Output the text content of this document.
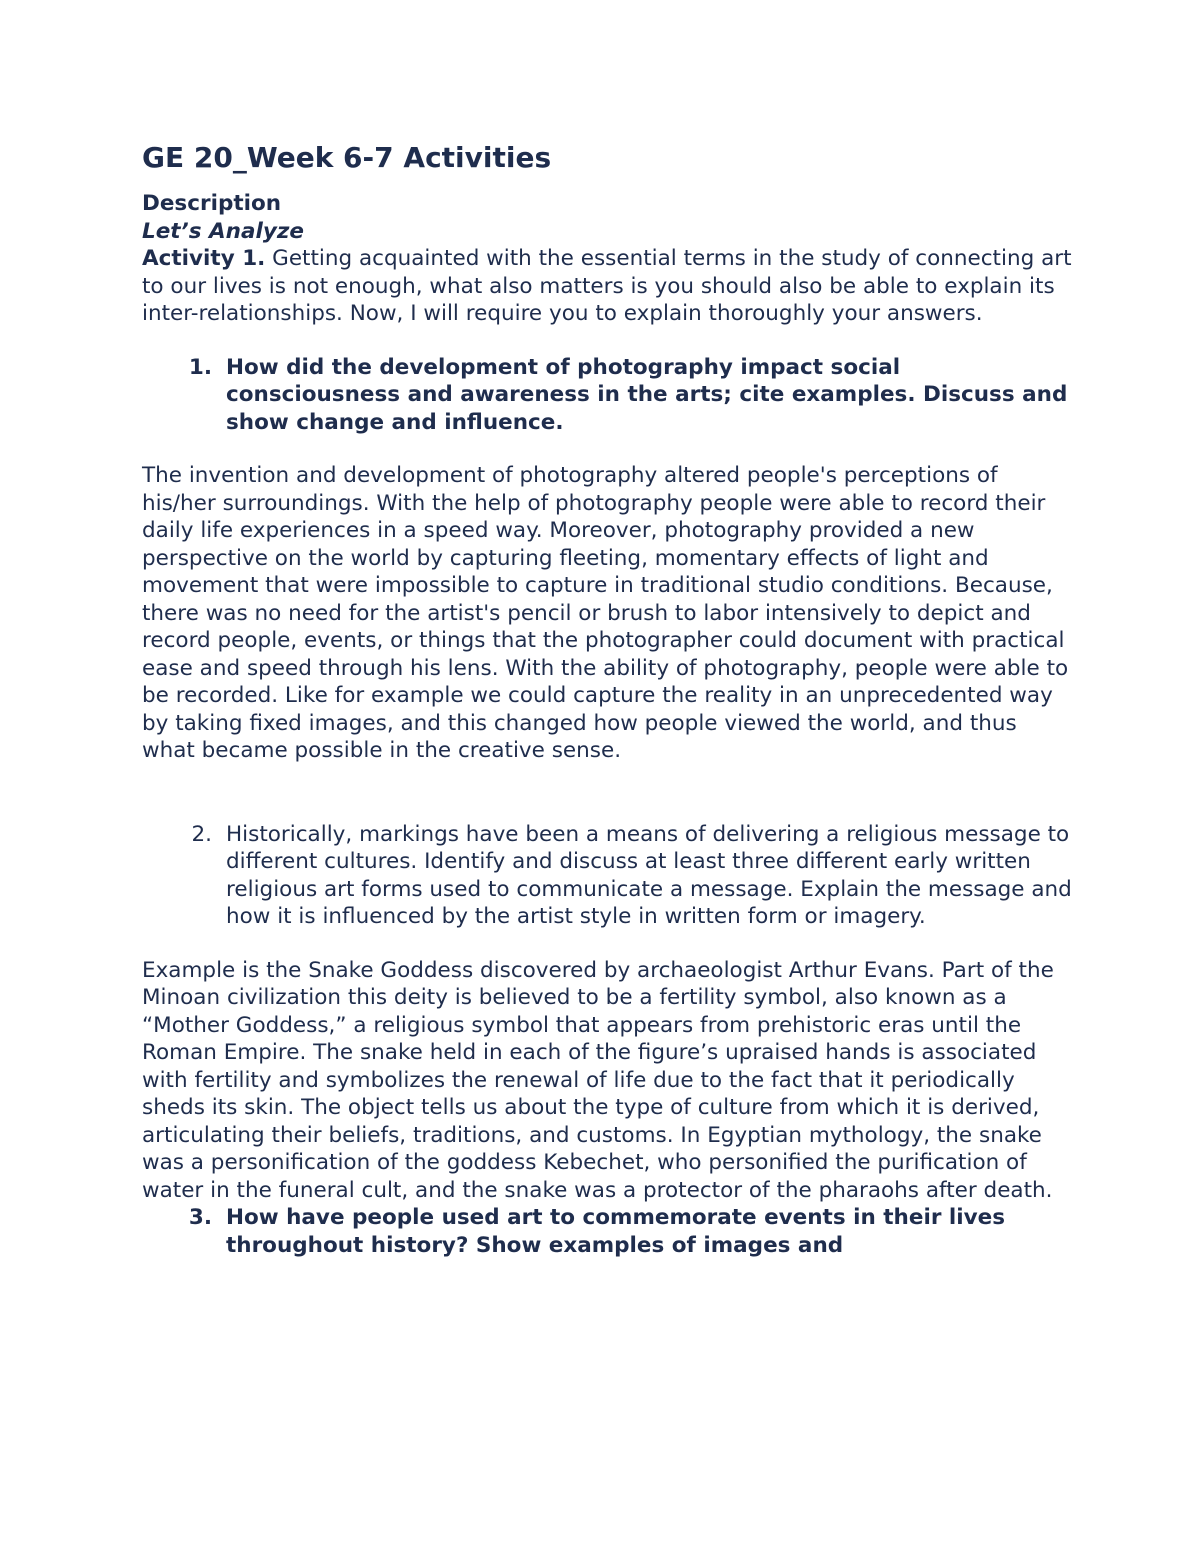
GE 20_Week 6-7 Activities

Description

Let’s Analyze

Activity 1. Getting acquainted with the essential terms in the study of connecting art to our lives is not enough, what also matters is you should also be able to explain its inter-relationships. Now, I will require you to explain thoroughly your answers.

1. How did the development of photography impact social consciousness and awareness in the arts; cite examples. Discuss and show change and influence.

The invention and development of photography altered people's perceptions of his/her surroundings. With the help of photography people were able to record their daily life experiences in a speed way. Moreover, photography provided a new perspective on the world by capturing fleeting, momentary effects of light and movement that were impossible to capture in traditional studio conditions. Because, there was no need for the artist's pencil or brush to labor intensively to depict and record people, events, or things that the photographer could document with practical ease and speed through his lens. With the ability of photography, people were able to be recorded. Like for example we could capture the reality in an unprecedented way by taking fixed images, and this changed how people viewed the world, and thus what became possible in the creative sense.

2. Historically, markings have been a means of delivering a religious message to different cultures. Identify and discuss at least three different early written religious art forms used to communicate a message. Explain the message and how it is influenced by the artist style in written form or imagery.

Example is the Snake Goddess discovered by archaeologist Arthur Evans. Part of the Minoan civilization this deity is believed to be a fertility symbol, also known as a “Mother Goddess,” a religious symbol that appears from prehistoric eras until the Roman Empire. The snake held in each of the figure’s upraised hands is associated with fertility and symbolizes the renewal of life due to the fact that it periodically sheds its skin. The object tells us about the type of culture from which it is derived, articulating their beliefs, traditions, and customs. In Egyptian mythology, the snake was a personification of the goddess Kebechet, who personified the purification of water in the funeral cult, and the snake was a protector of the pharaohs after death.

3. How have people used art to commemorate events in their lives throughout history? Show examples of images and
